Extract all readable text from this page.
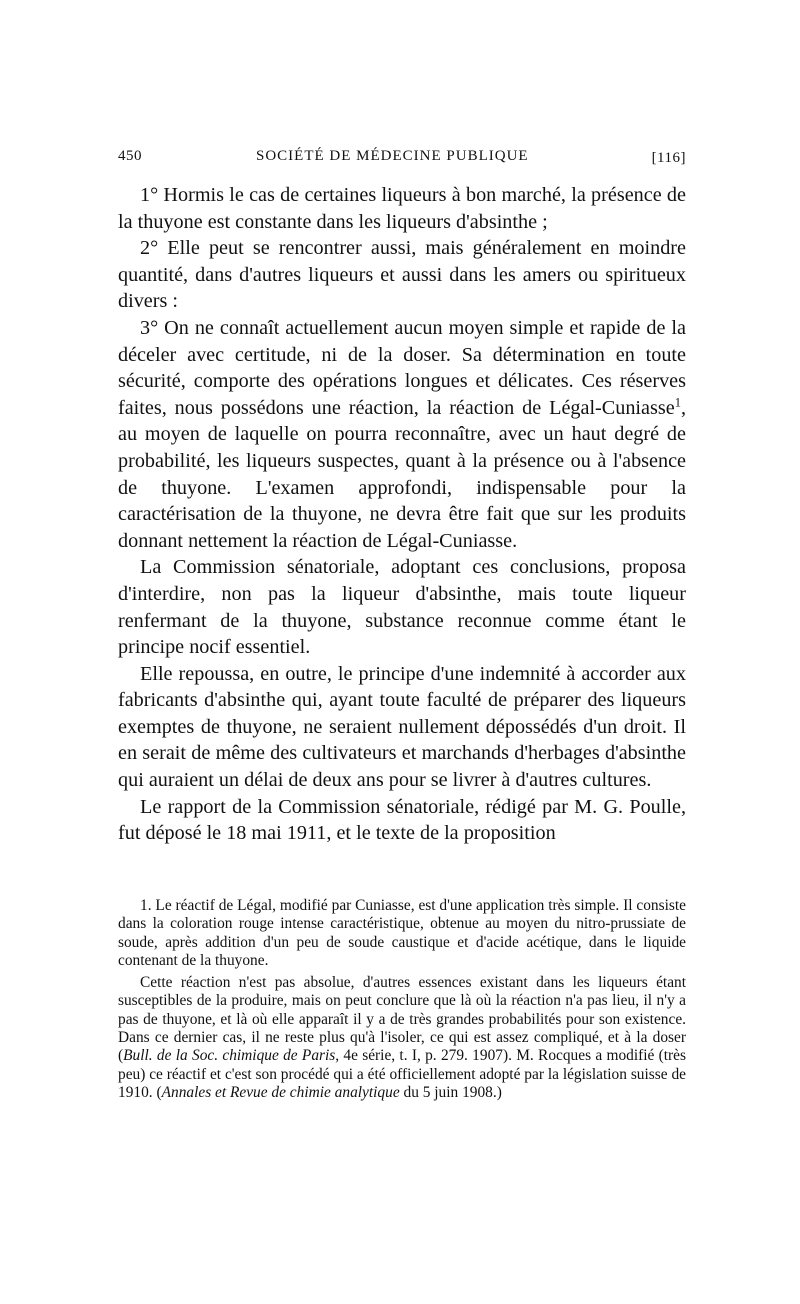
450	SOCIÉTÉ DE MÉDECINE PUBLIQUE	[116]

1° Hormis le cas de certaines liqueurs à bon marché, la présence de la thuyone est constante dans les liqueurs d'absinthe ;

2° Elle peut se rencontrer aussi, mais généralement en moindre quantité, dans d'autres liqueurs et aussi dans les amers ou spiritueux divers :

3° On ne connaît actuellement aucun moyen simple et rapide de la déceler avec certitude, ni de la doser. Sa détermination en toute sécurité, comporte des opérations longues et délicates. Ces réserves faites, nous possédons une réaction, la réaction de Légal-Cuniasse$^1$, au moyen de laquelle on pourra reconnaître, avec un haut degré de probabilité, les liqueurs suspectes, quant à la présence ou à l'absence de thuyone. L'examen approfondi, indispensable pour la caractérisation de la thuyone, ne devra être fait que sur les produits donnant nettement la réaction de Légal-Cuniasse.

La Commission sénatoriale, adoptant ces conclusions, proposa d'interdire, non pas la liqueur d'absinthe, mais toute liqueur renfermant de la thuyone, substance reconnue comme étant le principe nocif essentiel.

Elle repoussa, en outre, le principe d'une indemnité à accorder aux fabricants d'absinthe qui, ayant toute faculté de préparer des liqueurs exemptes de thuyone, ne seraient nullement dépossédés d'un droit. Il en serait de même des cultivateurs et marchands d'herbages d'absinthe qui auraient un délai de deux ans pour se livrer à d'autres cultures.

Le rapport de la Commission sénatoriale, rédigé par M. G. Poulle, fut déposé le 18 mai 1911, et le texte de la proposition

1. Le réactif de Légal, modifié par Cuniasse, est d'une application très simple. Il consiste dans la coloration rouge intense caractéristique, obtenue au moyen du nitro-prussiate de soude, après addition d'un peu de soude caustique et d'acide acétique, dans le liquide contenant de la thuyone.

Cette réaction n'est pas absolue, d'autres essences existant dans les liqueurs étant susceptibles de la produire, mais on peut conclure que là où la réaction n'a pas lieu, il n'y a pas de thuyone, et là où elle apparaît il y a de très grandes probabilités pour son existence. Dans ce dernier cas, il ne reste plus qu'à l'isoler, ce qui est assez compliqué, et à la doser (Bull. de la Soc. chimique de Paris, 4e série, t. I, p. 279. 1907). M. Rocques a modifié (très peu) ce réactif et c'est son procédé qui a été officiellement adopté par la législation suisse de 1910. (Annales et Revue de chimie analytique du 5 juin 1908.)
